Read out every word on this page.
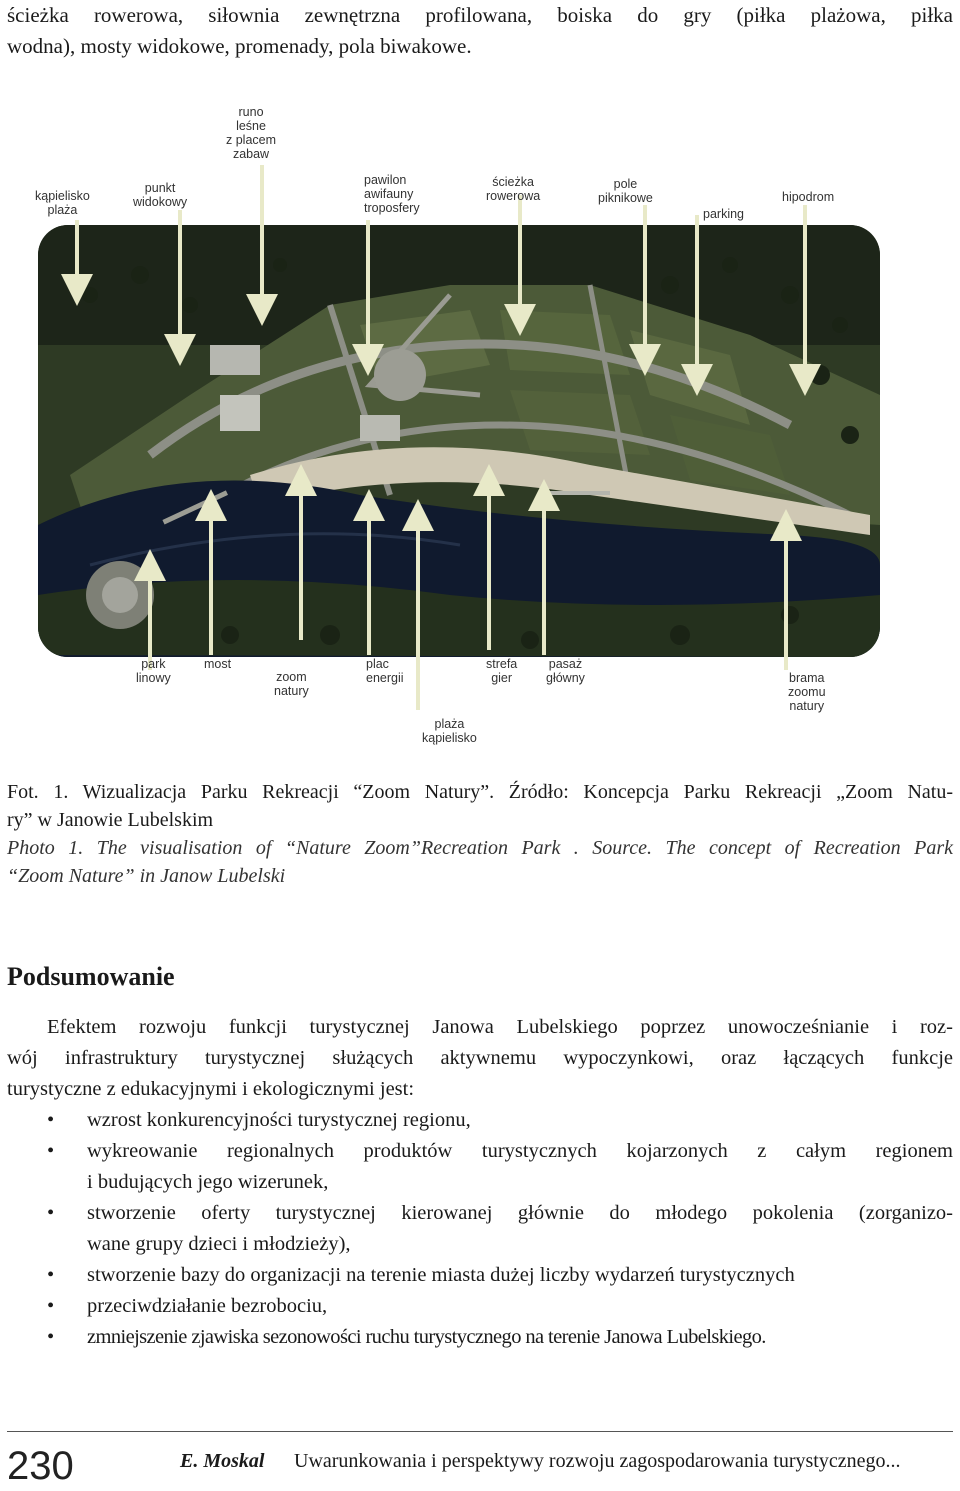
ścieżka rowerowa, siłownia zewnętrzna profilowana, boiska do gry (piłka plażowa, piłka
wodna), mosty widokowe, promenady, pola biwakowe.
kąpielisko
plaża
punkt
widokowy
runo
leśne
z placem
zabaw
pawilon
awifauny
troposfery
ścieżka
rowerowa
pole
piknikowe
parking
hipodrom
park
linowy
most
zoom
natury
plac
energii
strefa
gier
pasaż
główny	brama
zoomu
natury
plaża
kąpielisko
Fot. 1. Wizualizacja Parku Rekreacji “Zoom Natury”. Źródło: Koncepcja Parku Rekreacji „Zoom Natu-
ry” w Janowie Lubelskim
Photo 1. The visualisation of “Nature Zoom”Recreation Park . Source. The concept of Recreation Park
“Zoom Nature” in Janow Lubelski
Podsumowanie
Efektem rozwoju funkcji turystycznej Janowa Lubelskiego poprzez unowocześnianie i roz-
wój infrastruktury turystycznej służących aktywnemu wypoczynkowi, oraz łączących funkcje
turystyczne z edukacyjnymi i ekologicznymi jest:
• wzrost konkurencyjności turystycznej regionu,
• wykreowanie regionalnych produktów turystycznych kojarzonych z całym regionem
i budujących jego wizerunek,
• stworzenie oferty turystycznej kierowanej głównie do młodego pokolenia (zorganizo-
wane grupy dzieci i młodzieży),
• stworzenie bazy do organizacji na terenie miasta dużej liczby wydarzeń turystycznych
• przeciwdziałanie bezrobociu,
• zmniejszenie zjawiska sezonowości ruchu turystycznego na terenie Janowa Lubelskiego.
230	E. Moskal Uwarunkowania i perspektywy rozwoju zagospodarowania turystycznego...
